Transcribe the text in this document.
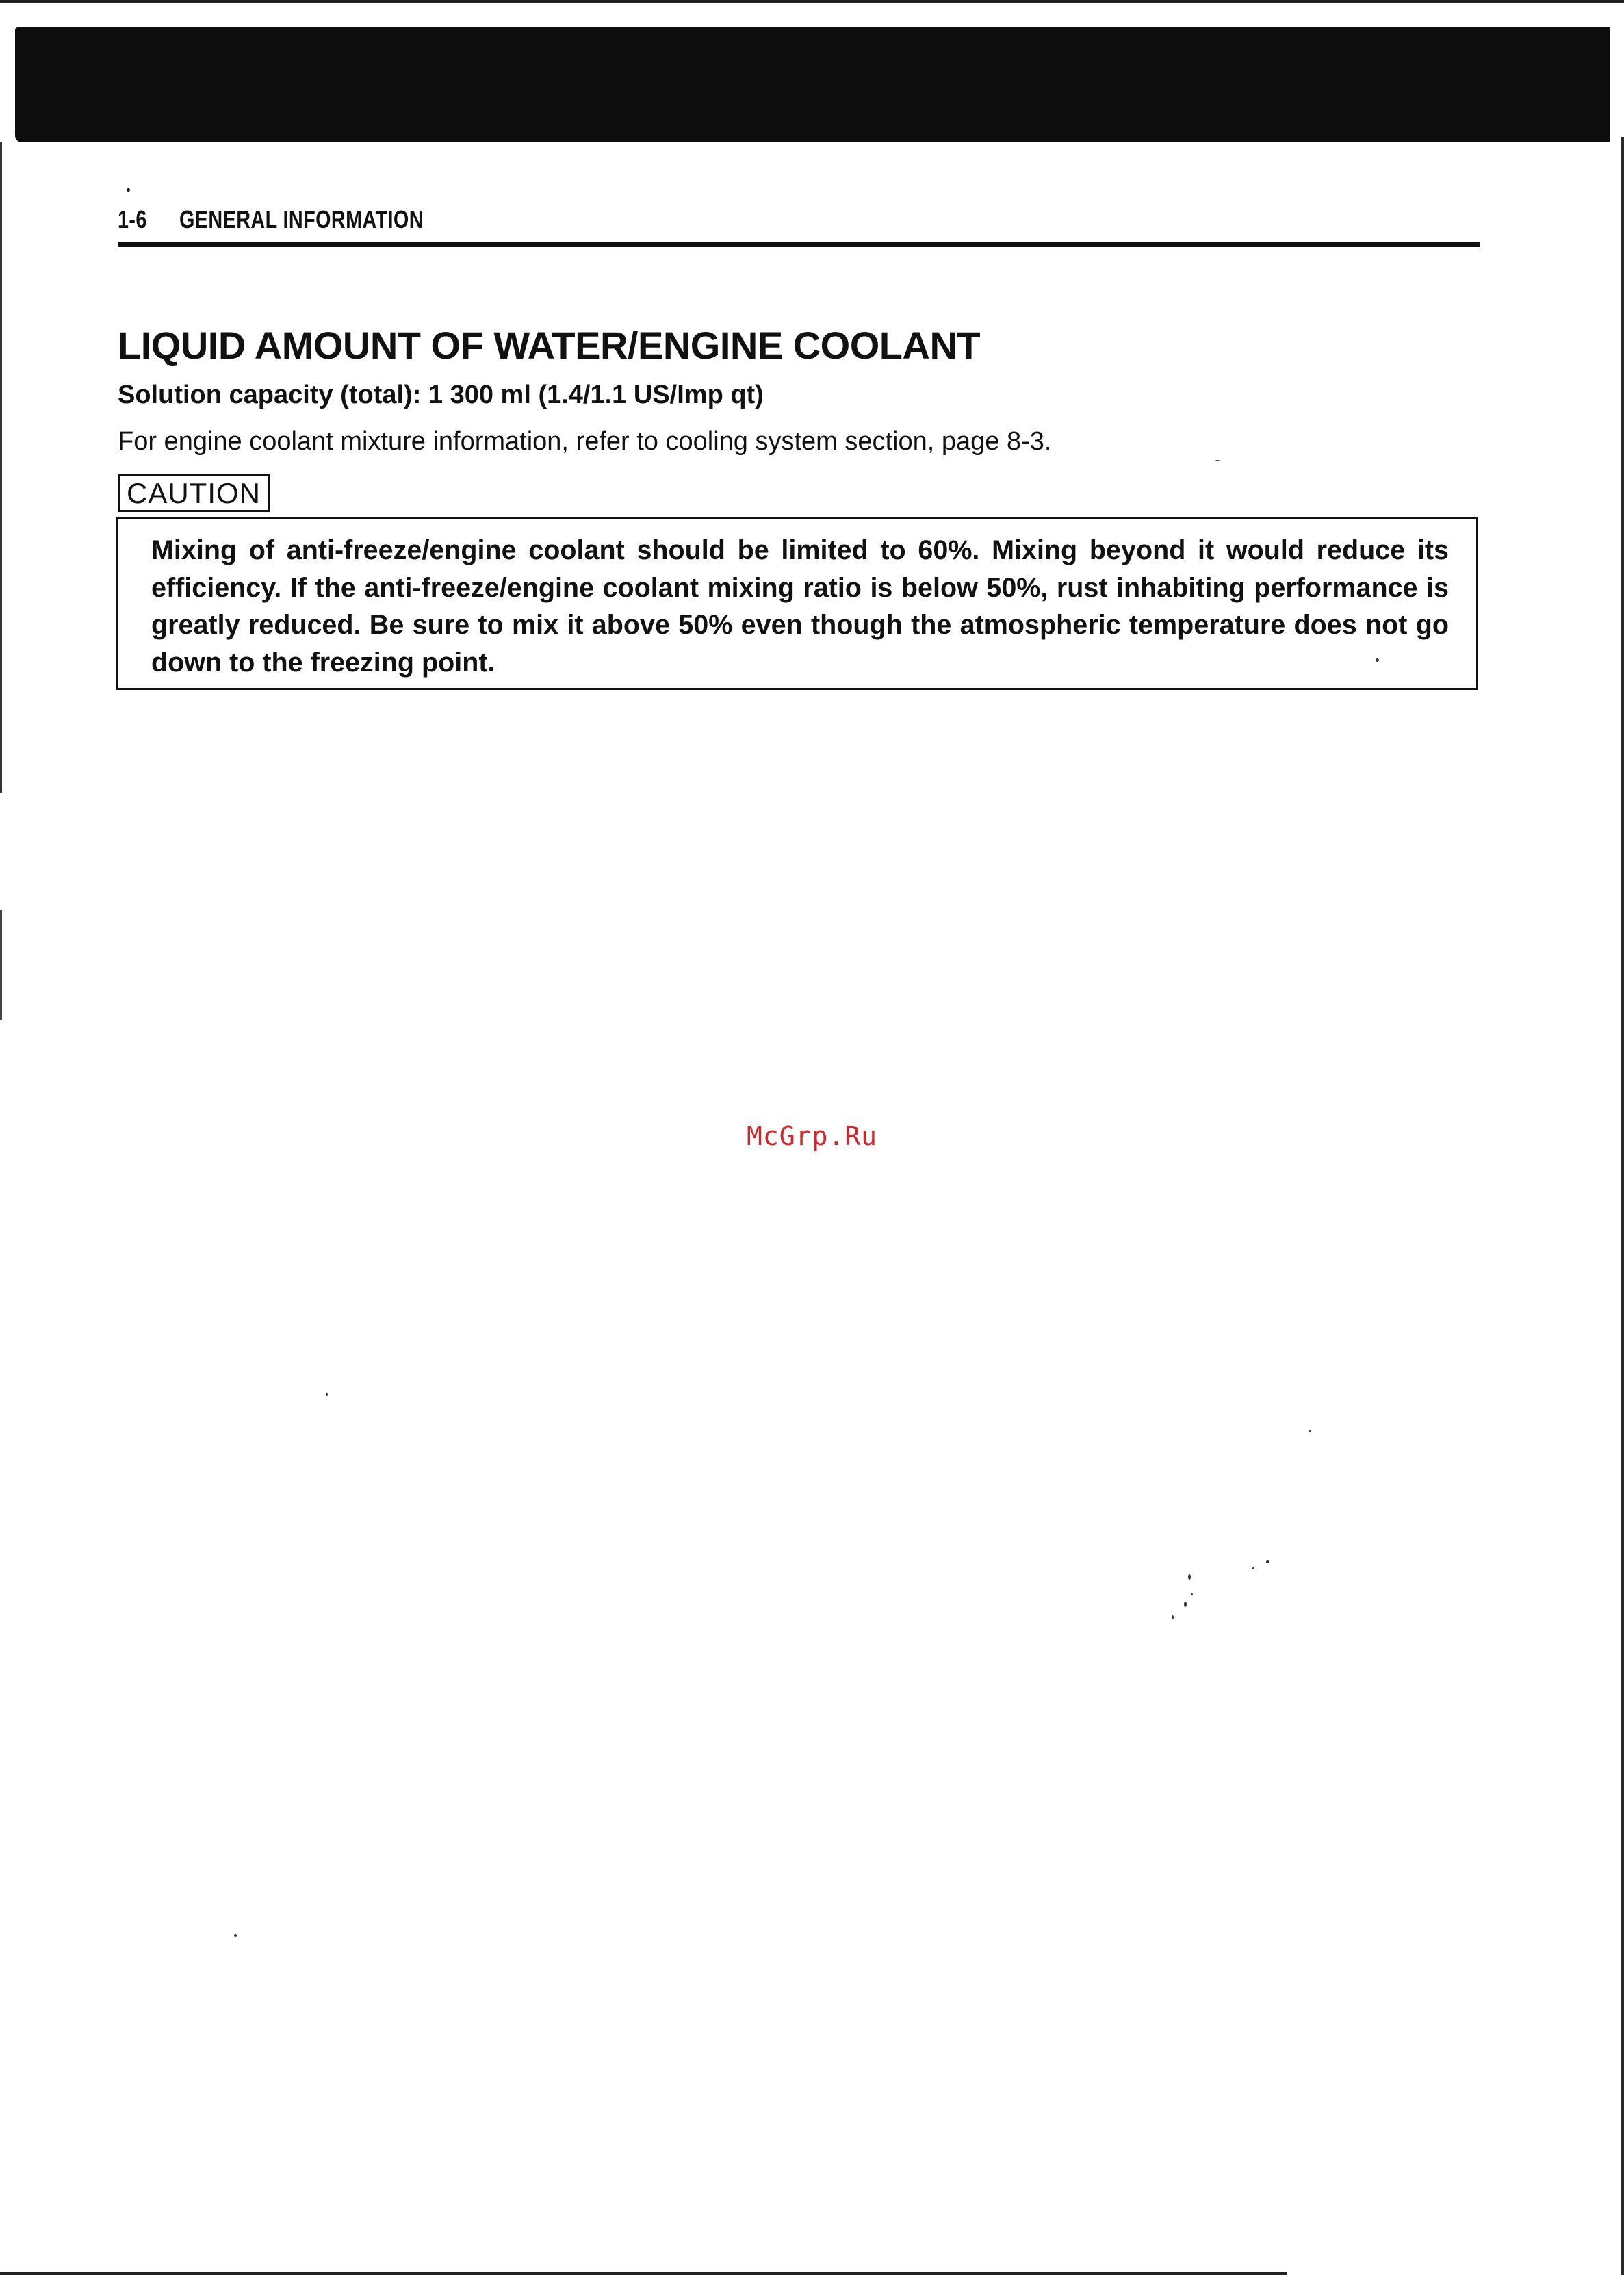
1-6 GENERAL INFORMATION
LIQUID AMOUNT OF WATER/ENGINE COOLANT
Solution capacity (total): 1 300 ml (1.4/1.1 US/Imp qt)
For engine coolant mixture information, refer to cooling system section, page 8-3.
CAUTION
Mixing of anti-freeze/engine coolant should be limited to 60%. Mixing beyond it would reduce its efficiency. If the anti-freeze/engine coolant mixing ratio is below 50%, rust inhabiting performance is greatly reduced. Be sure to mix it above 50% even though the atmospheric temperature does not go down to the freezing point.
McGrp.Ru
